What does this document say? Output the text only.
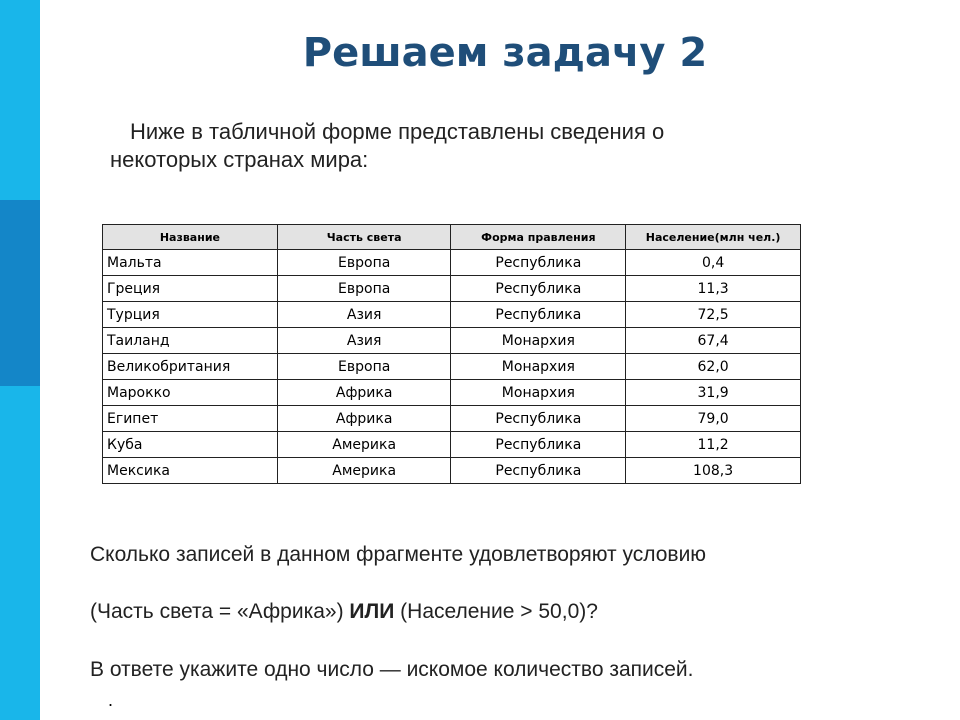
Решаем задачу 2
Ниже в табличной форме представлены сведения о
некоторых странах мира:
Название	Часть света	Форма правления	Население(млн чел.)
Мальта	Европа	Республика	0,4
Греция	Европа	Республика	11,3
Турция	Азия	Республика	72,5
Таиланд	Азия	Монархия	67,4
Великобритания	Европа	Монархия	62,0
Марокко	Африка	Монархия	31,9
Египет	Африка	Республика	79,0
Куба	Америка	Республика	11,2
Мексика	Америка	Республика	108,3
Сколько записей в данном фрагменте удовлетворяют условию
(Часть света = «Африка») ИЛИ (Население > 50,0)?
В ответе укажите одно число — искомое количество записей.
.
